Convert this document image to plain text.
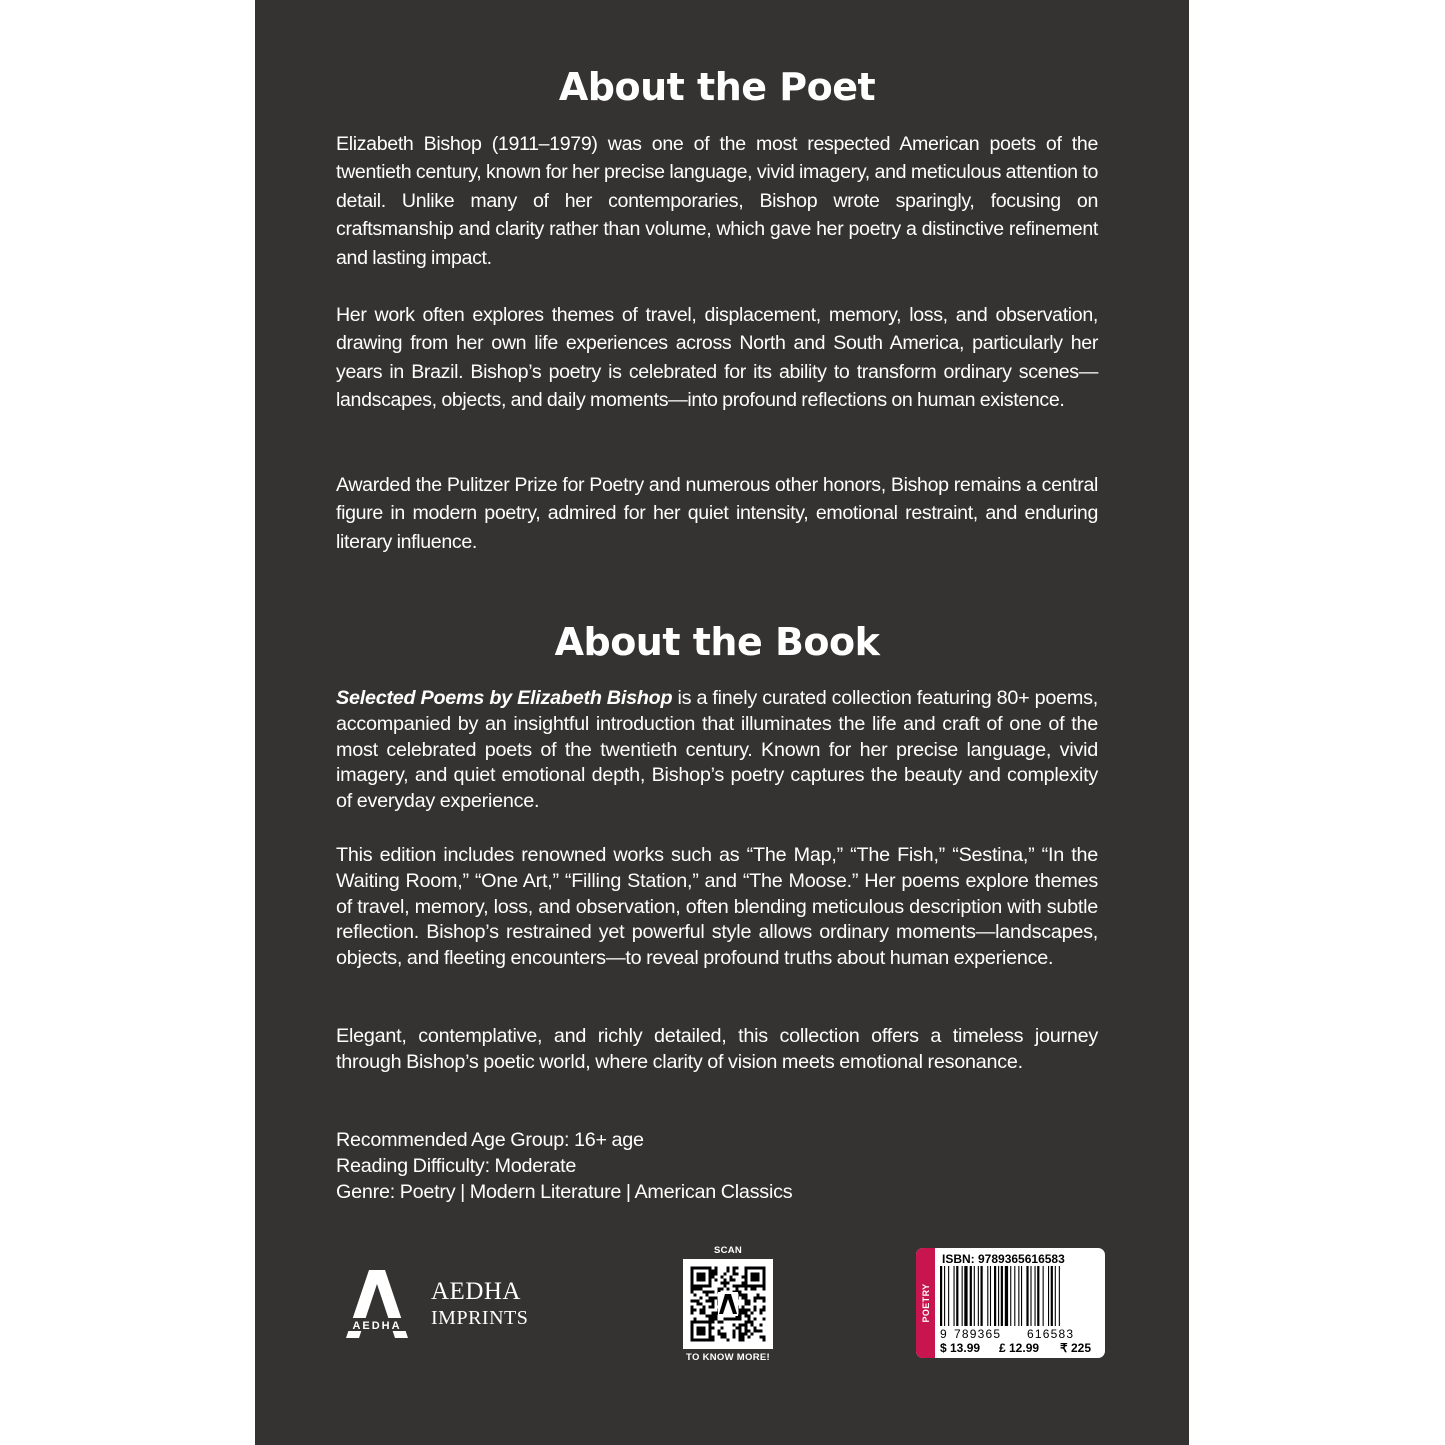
About the Poet

Elizabeth Bishop (1911–1979) was one of the most respected American poets of the twentieth century, known for her precise language, vivid imagery, and meticulous attention to detail. Unlike many of her contemporaries, Bishop wrote sparingly, focusing on craftsmanship and clarity rather than volume, which gave her poetry a distinctive refinement and lasting impact.

Her work often explores themes of travel, displacement, memory, loss, and observation, drawing from her own life experiences across North and South America, particularly her years in Brazil. Bishop’s poetry is celebrated for its ability to transform ordinary scenes—landscapes, objects, and daily moments—into profound reflections on human existence.

Awarded the Pulitzer Prize for Poetry and numerous other honors, Bishop remains a central figure in modern poetry, admired for her quiet intensity, emotional restraint, and enduring literary influence.

About the Book

Selected Poems by Elizabeth Bishop is a finely curated collection featuring 80+ poems, accompanied by an insightful introduction that illuminates the life and craft of one of the most celebrated poets of the twentieth century. Known for her precise language, vivid imagery, and quiet emotional depth, Bishop’s poetry captures the beauty and complexity of everyday experience.

This edition includes renowned works such as “The Map,” “The Fish,” “Sestina,” “In the Waiting Room,” “One Art,” “Filling Station,” and “The Moose.” Her poems explore themes of travel, memory, loss, and observation, often blending meticulous description with subtle reflection. Bishop’s restrained yet powerful style allows ordinary moments—landscapes, objects, and fleeting encounters—to reveal profound truths about human experience.

Elegant, contemplative, and richly detailed, this collection offers a timeless journey through Bishop’s poetic world, where clarity of vision meets emotional resonance.

Recommended Age Group: 16+ age

Reading Difficulty: Moderate

Genre: Poetry | Modern Literature | American Classics

AEDHA
AEDHA
IMPRINTS
SCAN
TO KNOW MORE!
POETRY
ISBN: 9789365616583
9 789365 616583
$ 13.99 £ 12.99 ₹ 225
